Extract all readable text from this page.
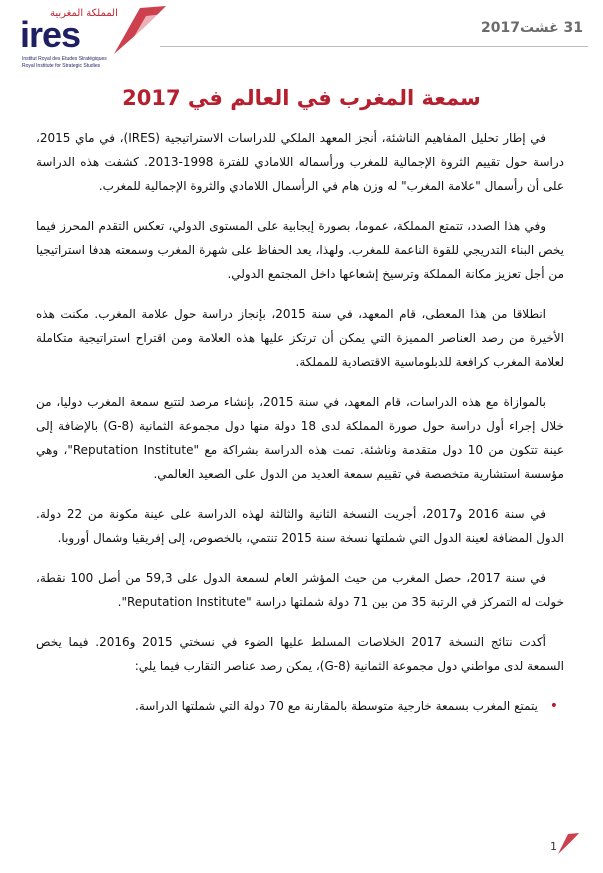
المملكة المغربية
ires
Institut Royal des Etudes Stratégiques
Royal Institute for Strategic Studies
31 غشت2017
سمعة المغرب في العالم في 2017

في إطار تحليل المفاهيم الناشئة، أنجز المعهد الملكي للدراسات الاستراتيجية (IRES)، في ماي 2015، دراسة حول تقييم الثروة الإجمالية للمغرب ورأسماله اللامادي للفترة 1998-2013. كشفت هذه الدراسة على أن رأسمال "علامة المغرب" له وزن هام في الرأسمال اللامادي والثروة الإجمالية للمغرب.

وفي هذا الصدد، تتمتع المملكة، عموما، بصورة إيجابية على المستوى الدولي، تعكس التقدم المحرز فيما يخص البناء التدريجي للقوة الناعمة للمغرب. ولهذا، يعد الحفاظ على شهرة المغرب وسمعته هدفا استراتيجيا من أجل تعزيز مكانة المملكة وترسيخ إشعاعها داخل المجتمع الدولي.

انطلاقا من هذا المعطى، قام المعهد، في سنة 2015، بإنجاز دراسة حول علامة المغرب. مكنت هذه الأخيرة من رصد العناصر المميزة التي يمكن أن ترتكز عليها هذه العلامة ومن اقتراح استراتيجية متكاملة لعلامة المغرب كرافعة للدبلوماسية الاقتصادية للمملكة.

بالموازاة مع هذه الدراسات، قام المعهد، في سنة 2015، بإنشاء مرصد لتتبع سمعة المغرب دوليا، من خلال إجراء أول دراسة حول صورة المملكة لدى 18 دولة منها دول مجموعة الثمانية (G-8) بالإضافة إلى عينة تتكون من 10 دول متقدمة وناشئة. تمت هذه الدراسة بشراكة مع "Reputation Institute"، وهي مؤسسة استشارية متخصصة في تقييم سمعة العديد من الدول على الصعيد العالمي.

في سنة 2016 و2017، أجريت النسخة الثانية والثالثة لهذه الدراسة على عينة مكونة من 22 دولة. الدول المضافة لعينة الدول التي شملتها نسخة سنة 2015 تنتمي، بالخصوص، إلى إفريقيا وشمال أوروبا.

في سنة 2017، حصل المغرب من حيث المؤشر العام لسمعة الدول على 59,3 من أصل 100 نقطة، خولت له التمركز في الرتبة 35 من بين 71 دولة شملتها دراسة "Reputation Institute".

أكدت نتائج النسخة 2017 الخلاصات المسلط عليها الضوء في نسختي 2015 و2016. فيما يخص السمعة لدى مواطني دول مجموعة الثمانية (G-8)، يمكن رصد عناصر التقارب فيما يلي:

• يتمتع المغرب بسمعة خارجية متوسطة بالمقارنة مع 70 دولة التي شملتها الدراسة.
1
